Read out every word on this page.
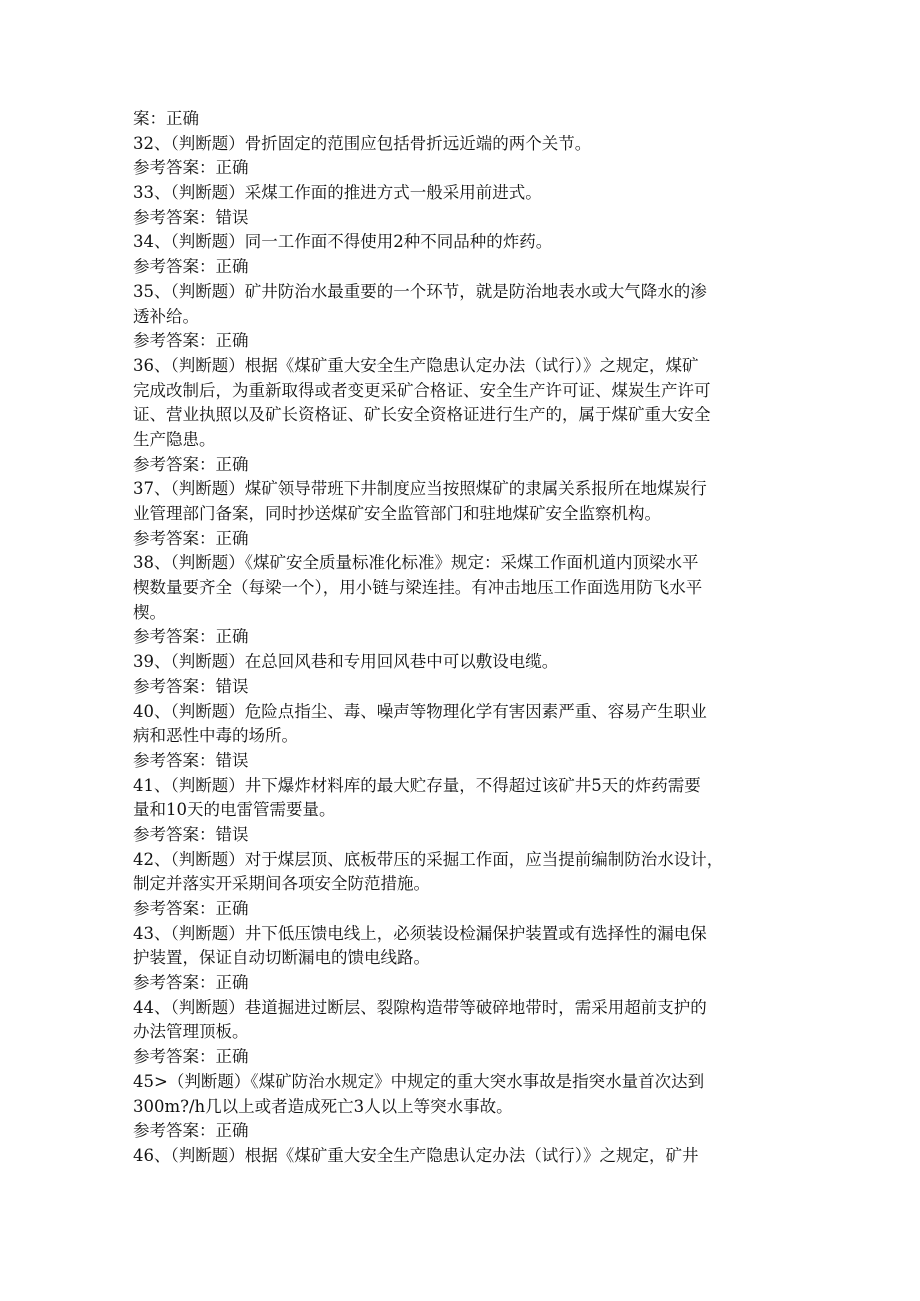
案：正确
32、（判断题）骨折固定的范围应包括骨折远近端的两个关节。
参考答案：正确
33、（判断题）采煤工作面的推进方式一般采用前进式。
参考答案：错误
34、（判断题）同一工作面不得使用2种不同品种的炸药。
参考答案：正确
35、（判断题）矿井防治水最重要的一个环节，就是防治地表水或大气降水的渗
透补给。
参考答案：正确
36、（判断题）根据《煤矿重大安全生产隐患认定办法（试行）》之规定，煤矿
完成改制后，为重新取得或者变更采矿合格证、安全生产许可证、煤炭生产许可
证、营业执照以及矿长资格证、矿长安全资格证进行生产的，属于煤矿重大安全
生产隐患。
参考答案：正确
37、（判断题）煤矿领导带班下井制度应当按照煤矿的隶属关系报所在地煤炭行
业管理部门备案，同时抄送煤矿安全监管部门和驻地煤矿安全监察机构。
参考答案：正确
38、（判断题）《煤矿安全质量标准化标准》规定：采煤工作面机道内顶梁水平
楔数量要齐全（每梁一个），用小链与梁连挂。有冲击地压工作面选用防飞水平
楔。
参考答案：正确
39、（判断题）在总回风巷和专用回风巷中可以敷设电缆。
参考答案：错误
40、（判断题）危险点指尘、毒、噪声等物理化学有害因素严重、容易产生职业
病和恶性中毒的场所。
参考答案：错误
41、（判断题）井下爆炸材料库的最大贮存量，不得超过该矿井5天的炸药需要
量和10天的电雷管需要量。
参考答案：错误
42、（判断题）对于煤层顶、底板带压的采掘工作面，应当提前编制防治水设计，
制定并落实开采期间各项安全防范措施。
参考答案：正确
43、（判断题）井下低压馈电线上，必须装设检漏保护装置或有选择性的漏电保
护装置，保证自动切断漏电的馈电线路。
参考答案：正确
44、（判断题）巷道掘进过断层、裂隙构造带等破碎地带时，需采用超前支护的
办法管理顶板。
参考答案：正确
45>（判断题）《煤矿防治水规定》中规定的重大突水事故是指突水量首次达到
300m?/h几以上或者造成死亡3人以上等突水事故。
参考答案：正确
46、（判断题）根据《煤矿重大安全生产隐患认定办法（试行）》之规定，矿井
